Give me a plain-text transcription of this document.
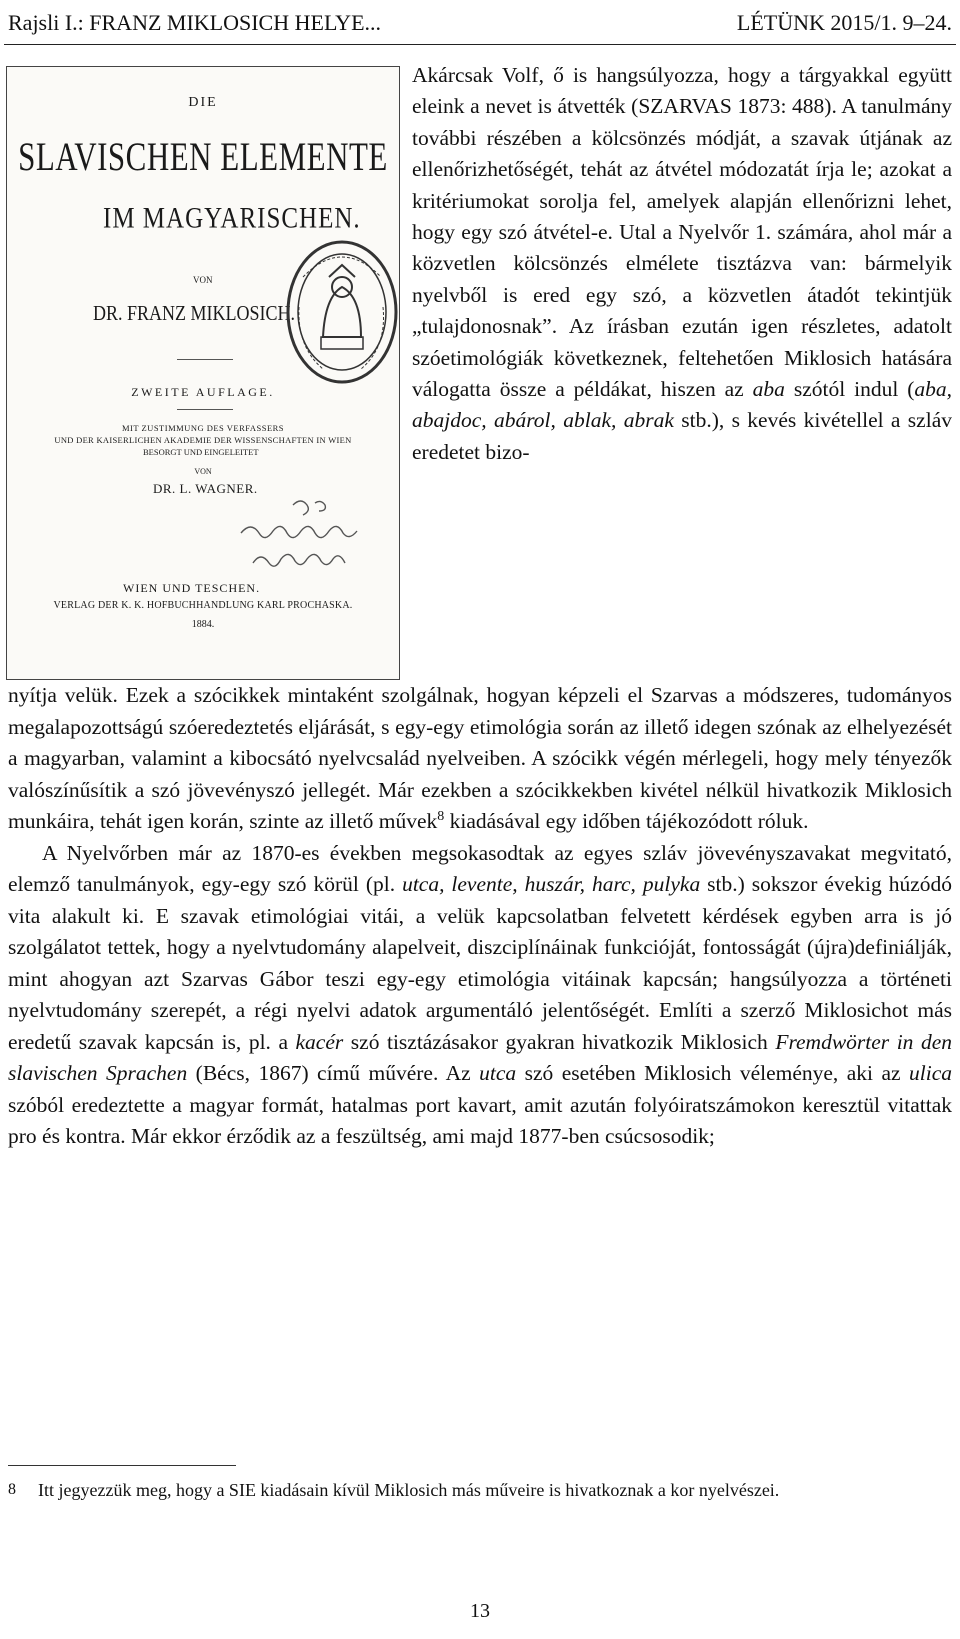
Rajsli I.: FRANZ MIKLOSICH HELYE...	LÉTÜNK 2015/1. 9–24.
DIE
SLAVISCHEN ELEMENTE
IM MAGYARISCHEN.
VON
DR. FRANZ MIKLOSICH.
ZWEITE AUFLAGE.
MIT ZUSTIMMUNG DES VERFASSERS
UND DER KAISERLICHEN AKADEMIE DER WISSENSCHAFTEN IN WIEN
BESORGT UND EINGELEITET
VON
DR. L. WAGNER.
WIEN UND TESCHEN.
VERLAG DER K. K. HOFBUCHHANDLUNG KARL PROCHASKA.
1884.

Akárcsak Volf, ő is hangsúlyozza, hogy a tárgyakkal együtt eleink a nevet is átvették (SZARVAS 1873: 488). A tanulmány további részében a kölcsönzés módját, a szavak útjának az ellenőrizhetőségét, tehát az átvétel módozatát írja le; azokat a kritériumokat sorolja fel, amelyek alapján ellenőrizni lehet, hogy egy szó átvétel-e. Utal a Nyelvőr 1. számára, ahol már a közvetlen kölcsönzés elmélete tisztázva van: bármelyik nyelvből is ered egy szó, a közvetlen átadót tekintjük „tulajdonosnak”. Az írásban ezután igen részletes, adatolt szóetimológiák következnek, feltehetően Miklosich hatására válogatta össze a példákat, hiszen az aba szótól indul (aba, abajdoc, abárol, ablak, abrak stb.), s kevés kivétellel a szláv eredetet bizo-

nyítja velük. Ezek a szócikkek mintaként szolgálnak, hogyan képzeli el Szarvas a módszeres, tudományos megalapozottságú szóeredeztetés eljárását, s egy-egy etimológia során az illető idegen szónak az elhelyezését a magyarban, valamint a kibocsátó nyelvcsalád nyelveiben. A szócikk végén mérlegeli, hogy mely tényezők valószínűsítik a szó jövevényszó jellegét. Már ezekben a szócikkekben kivétel nélkül hivatkozik Miklosich munkáira, tehát igen korán, szinte az illető művek$^8$ kiadásával egy időben tájékozódott róluk.

A Nyelvőrben már az 1870-es években megsokasodtak az egyes szláv jövevényszavakat megvitató, elemző tanulmányok, egy-egy szó körül (pl. utca, levente, huszár, harc, pulyka stb.) sokszor évekig húzódó vita alakult ki. E szavak etimológiai vitái, a velük kapcsolatban felvetett kérdések egyben arra is jó szolgálatot tettek, hogy a nyelvtudomány alapelveit, diszciplínáinak funkcióját, fontosságát (újra)definiálják, mint ahogyan azt Szarvas Gábor teszi egy-egy etimológia vitáinak kapcsán; hangsúlyozza a történeti nyelvtudomány szerepét, a régi nyelvi adatok argumentáló jelentőségét. Említi a szerző Miklosichot más eredetű szavak kapcsán is, pl. a kacér szó tisztázásakor gyakran hivatkozik Miklosich Fremdwörter in den slavischen Sprachen (Bécs, 1867) című művére. Az utca szó esetében Miklosich véleménye, aki az ulica szóból eredeztette a magyar formát, hatalmas port kavart, amit azután folyóiratszámokon keresztül vitattak pro és kontra. Már ekkor érződik az a feszültség, ami majd 1877-ben csúcsosodik;

8	Itt jegyezzük meg, hogy a SIE kiadásain kívül Miklosich más műveire is hivatkoznak a kor nyelvészei.
13
